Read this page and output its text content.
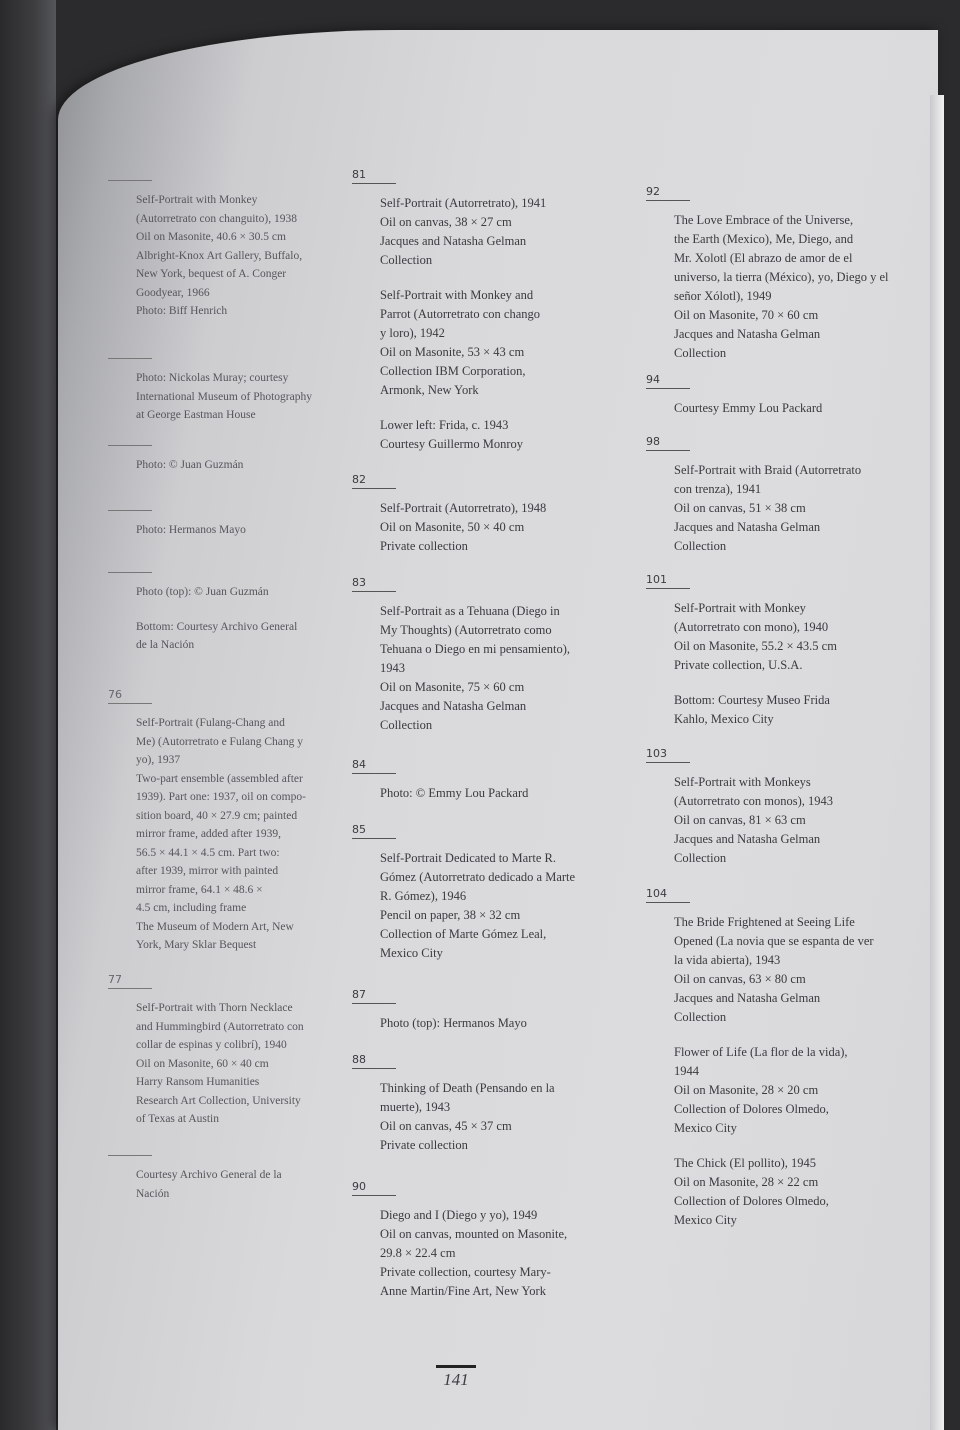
Self-Portrait with Monkey
(Autorretrato con changuito), 1938
Oil on Masonite, 40.6 × 30.5 cm
Albright-Knox Art Gallery, Buffalo,
New York, bequest of A. Conger
Goodyear, 1966
Photo: Biff Henrich
Photo: Nickolas Muray; courtesy
International Museum of Photography
at George Eastman House
Photo: © Juan Guzmán
Photo: Hermanos Mayo
Photo (top): © Juan Guzmán
Bottom: Courtesy Archivo General
de la Nación
76
Self-Portrait (Fulang-Chang and
Me) (Autorretrato e Fulang Chang y
yo), 1937
Two-part ensemble (assembled after
1939). Part one: 1937, oil on compo-
sition board, 40 × 27.9 cm; painted
mirror frame, added after 1939,
56.5 × 44.1 × 4.5 cm. Part two:
after 1939, mirror with painted
mirror frame, 64.1 × 48.6 ×
4.5 cm, including frame
The Museum of Modern Art, New
York, Mary Sklar Bequest
77
Self-Portrait with Thorn Necklace
and Hummingbird (Autorretrato con
collar de espinas y colibrí), 1940
Oil on Masonite, 60 × 40 cm
Harry Ransom Humanities
Research Art Collection, University
of Texas at Austin
Courtesy Archivo General de la
Nación
81
Self-Portrait (Autorretrato), 1941
Oil on canvas, 38 × 27 cm
Jacques and Natasha Gelman
Collection
Self-Portrait with Monkey and
Parrot (Autorretrato con chango
y loro), 1942
Oil on Masonite, 53 × 43 cm
Collection IBM Corporation,
Armonk, New York
Lower left: Frida, c. 1943
Courtesy Guillermo Monroy
82
Self-Portrait (Autorretrato), 1948
Oil on Masonite, 50 × 40 cm
Private collection
83
Self-Portrait as a Tehuana (Diego in
My Thoughts) (Autorretrato como
Tehuana o Diego en mi pensamiento),
1943
Oil on Masonite, 75 × 60 cm
Jacques and Natasha Gelman
Collection
84
Photo: © Emmy Lou Packard
85
Self-Portrait Dedicated to Marte R.
Gómez (Autorretrato dedicado a Marte
R. Gómez), 1946
Pencil on paper, 38 × 32 cm
Collection of Marte Gómez Leal,
Mexico City
87
Photo (top): Hermanos Mayo
88
Thinking of Death (Pensando en la
muerte), 1943
Oil on canvas, 45 × 37 cm
Private collection
90
Diego and I (Diego y yo), 1949
Oil on canvas, mounted on Masonite,
29.8 × 22.4 cm
Private collection, courtesy Mary-
Anne Martin/Fine Art, New York
92
The Love Embrace of the Universe,
the Earth (Mexico), Me, Diego, and
Mr. Xolotl (El abrazo de amor de el
universo, la tierra (México), yo, Diego y el
señor Xólotl), 1949
Oil on Masonite, 70 × 60 cm
Jacques and Natasha Gelman
Collection
94
Courtesy Emmy Lou Packard
98
Self-Portrait with Braid (Autorretrato
con trenza), 1941
Oil on canvas, 51 × 38 cm
Jacques and Natasha Gelman
Collection
101
Self-Portrait with Monkey
(Autorretrato con mono), 1940
Oil on Masonite, 55.2 × 43.5 cm
Private collection, U.S.A.
Bottom: Courtesy Museo Frida
Kahlo, Mexico City
103
Self-Portrait with Monkeys
(Autorretrato con monos), 1943
Oil on canvas, 81 × 63 cm
Jacques and Natasha Gelman
Collection
104
The Bride Frightened at Seeing Life
Opened (La novia que se espanta de ver
la vida abierta), 1943
Oil on canvas, 63 × 80 cm
Jacques and Natasha Gelman
Collection
Flower of Life (La flor de la vida),
1944
Oil on Masonite, 28 × 20 cm
Collection of Dolores Olmedo,
Mexico City
The Chick (El pollito), 1945
Oil on Masonite, 28 × 22 cm
Collection of Dolores Olmedo,
Mexico City
141
